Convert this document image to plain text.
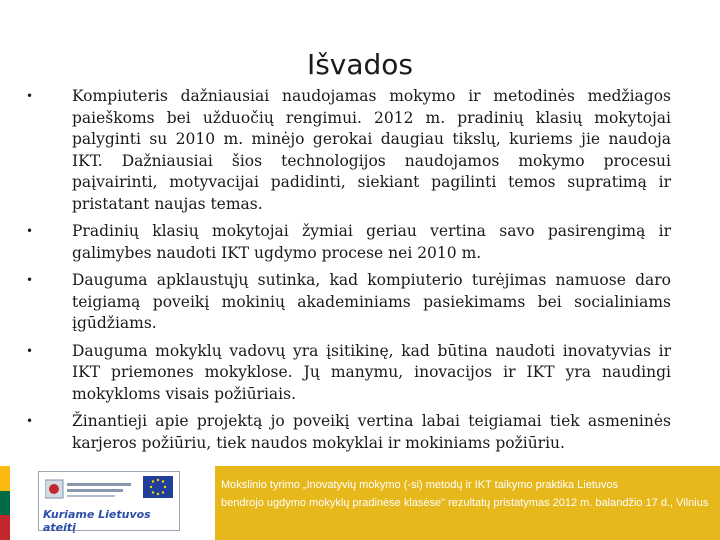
Išvados
•	Kompiuteris dažniausiai naudojamas mokymo ir metodinės medžiagos paieškoms bei užduočių rengimui. 2012 m. pradinių klasių mokytojai palyginti su 2010 m. minėjo gerokai daugiau tikslų, kuriems jie naudoja IKT. Dažniausiai šios technologijos naudojamos mokymo procesui paįvairinti, motyvacijai padidinti, siekiant pagilinti temos supratimą ir pristatant naujas temas.
•	Pradinių klasių mokytojai žymiai geriau vertina savo pasirengimą ir galimybes naudoti IKT ugdymo procese nei 2010 m.
•	Dauguma apklaustųjų sutinka, kad kompiuterio turėjimas namuose daro teigiamą poveikį mokinių akademiniams pasiekimams bei socialiniams įgūdžiams.
•	Dauguma mokyklų vadovų yra įsitikinę, kad būtina naudoti inovatyvias ir IKT priemones mokyklose. Jų manymu, inovacijos ir IKT yra naudingi mokykloms visais požiūriais.
•	Žinantieji apie projektą jo poveikį vertina labai teigiamai tiek asmeninės karjeros požiūriu, tiek naudos mokyklai ir mokiniams požiūriu.
Kuriame Lietuvos ateitį
Mokslinio tyrimo „Inovatyvių mokymo (-si) metodų ir IKT taikymo praktika Lietuvos
bendrojo ugdymo mokyklų pradinėse klasėse" rezultatų pristatymas 2012 m. balandžio 17 d., Vilnius
